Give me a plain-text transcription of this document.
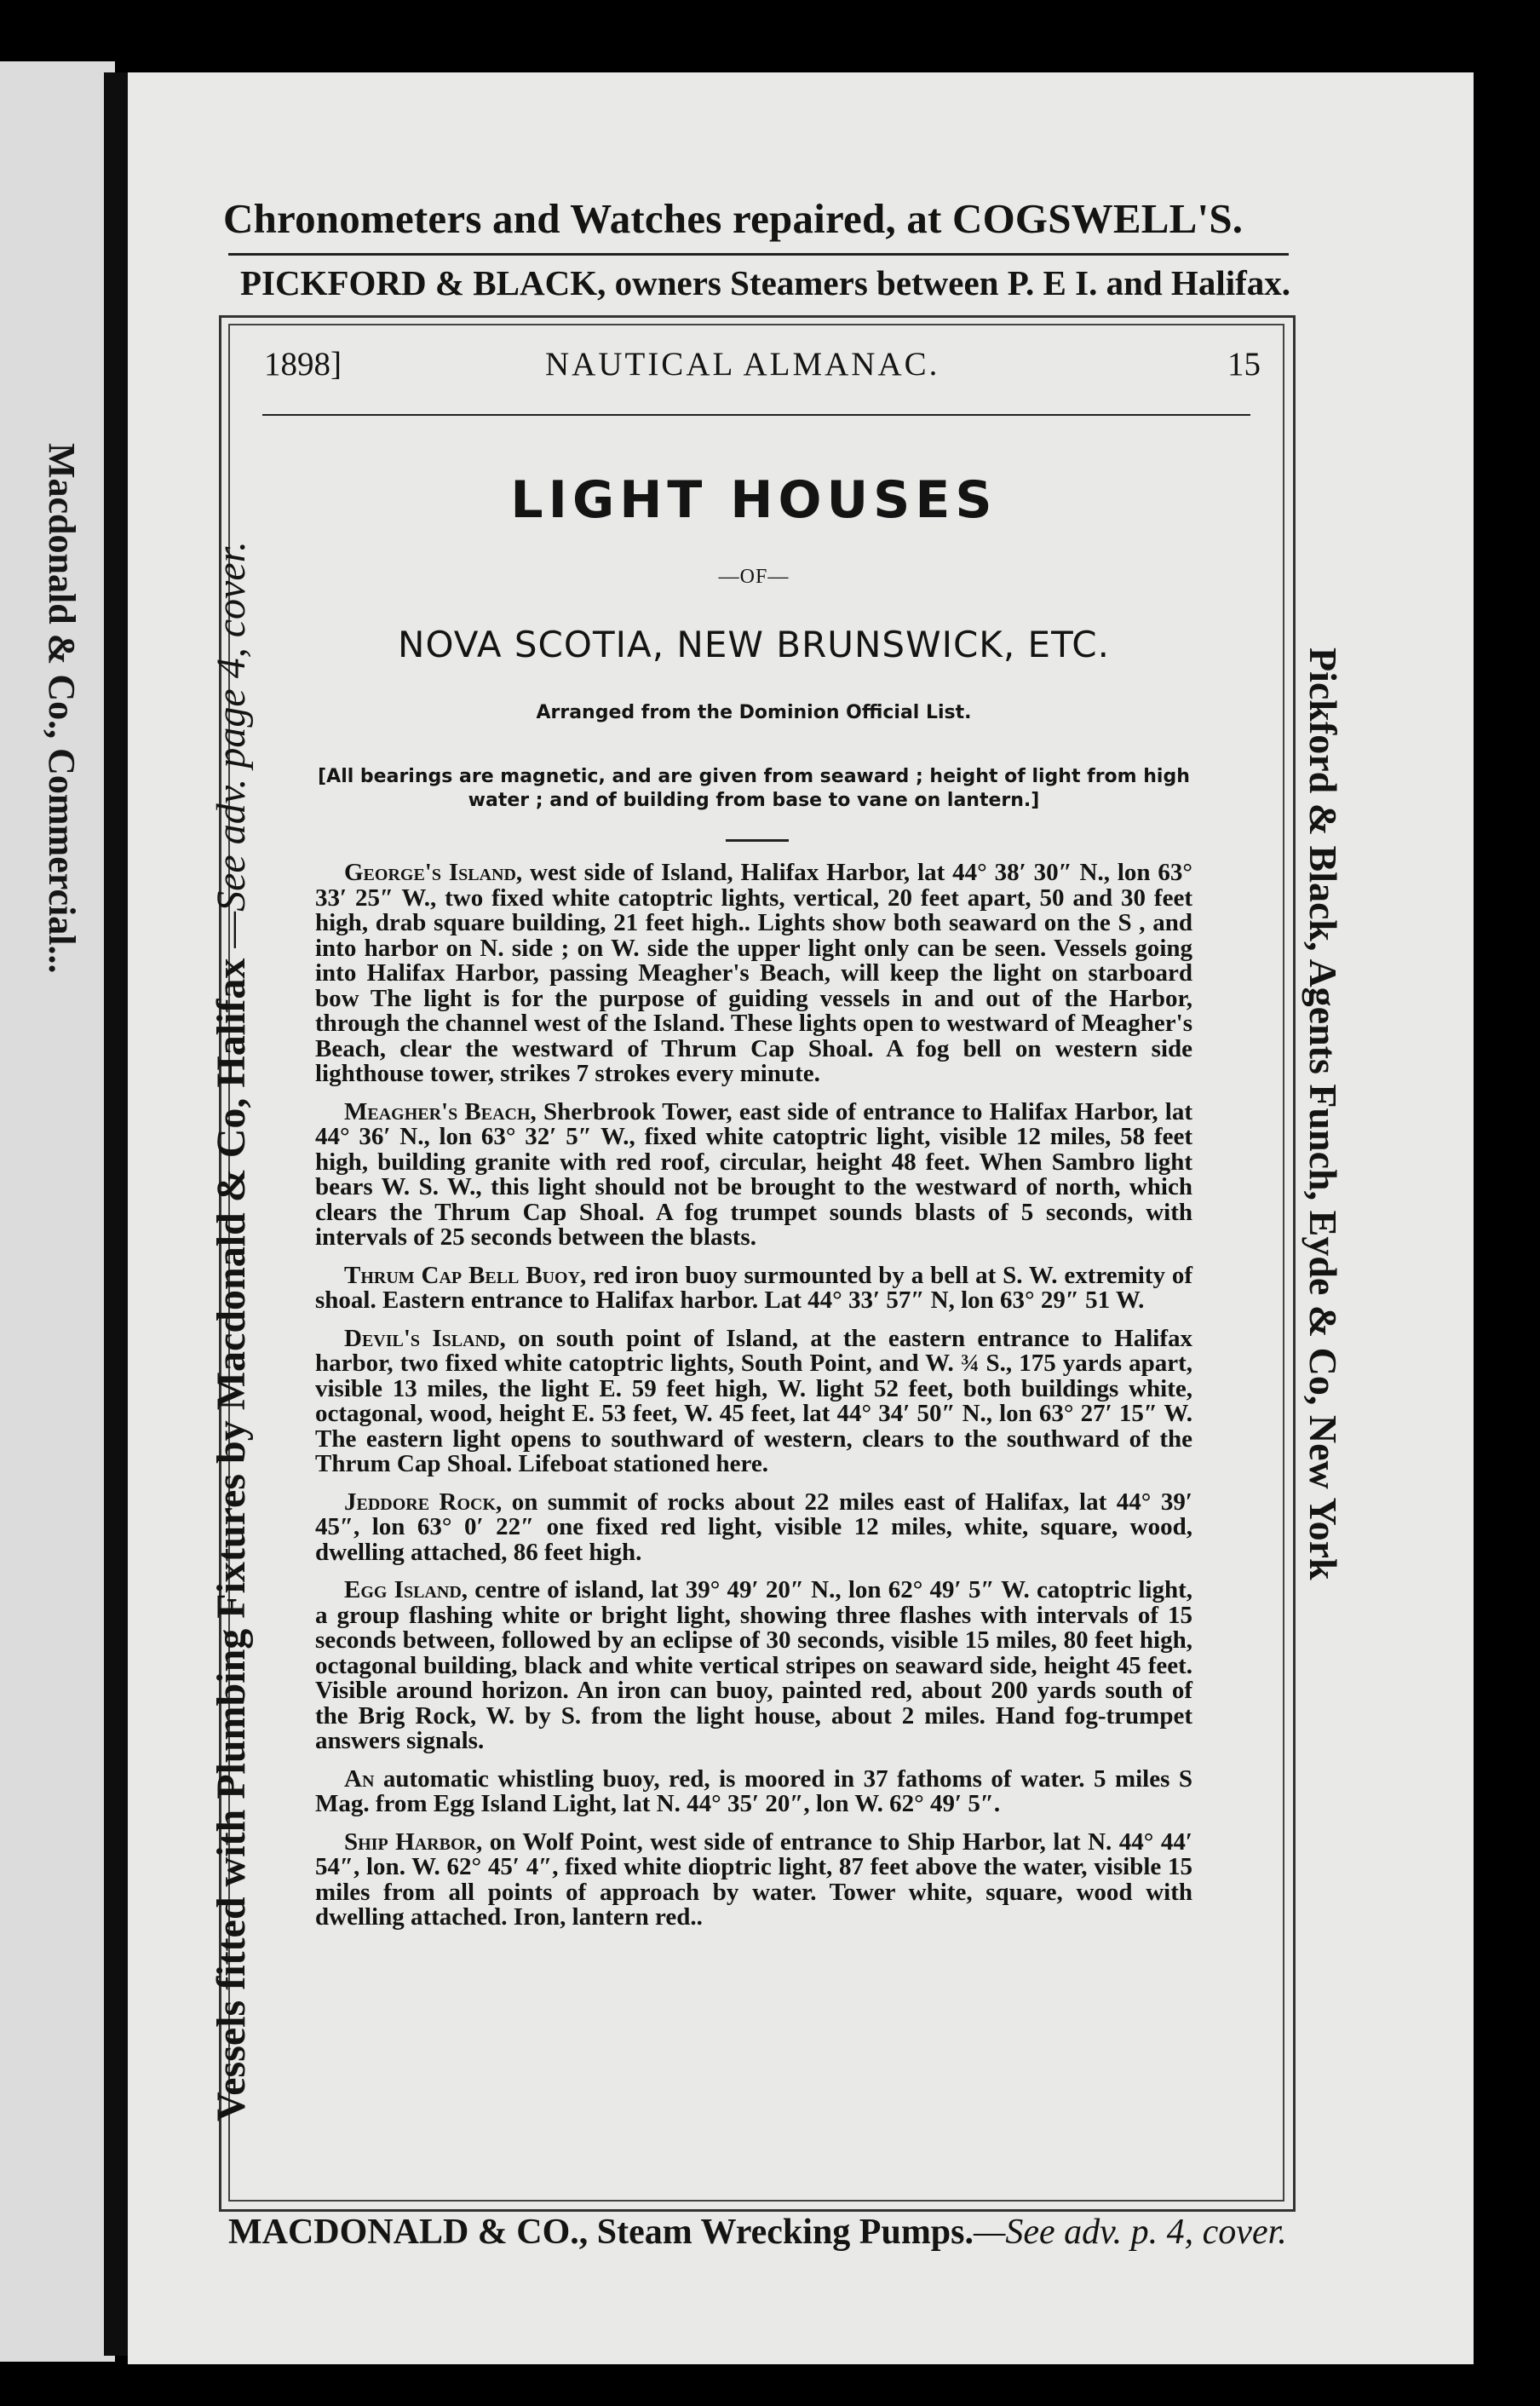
Macdonald & Co., Commercial...
Chronometers and Watches repaired, at COGSWELL'S.
PICKFORD & BLACK, owners Steamers between P. E I. and Halifax.
Vessels fitted with Plumbing Fixtures by Macdonald & Co, Halifax —See adv. page 4, cover.	Pickford & Black, Agents Funch, Eyde & Co, New York
1898]	NAUTICAL ALMANAC.	15
LIGHT HOUSES
—OF—
NOVA SCOTIA, NEW BRUNSWICK, ETC.
Arranged from the Dominion Official List.
[All bearings are magnetic, and are given from seaward ; height of light from high water ; and of building from base to vane on lantern.]

George's Island, west side of Island, Halifax Harbor, lat 44° 38′ 30″ N., lon 63° 33′ 25″ W., two fixed white catoptric lights, vertical, 20 feet apart, 50 and 30 feet high, drab square building, 21 feet high.. Lights show both seaward on the S , and into harbor on N. side ; on W. side the upper light only can be seen. Vessels going into Halifax Harbor, passing Meagher's Beach, will keep the light on starboard bow The light is for the purpose of guiding vessels in and out of the Harbor, through the channel west of the Island. These lights open to westward of Meagher's Beach, clear the westward of Thrum Cap Shoal. A fog bell on western side lighthouse tower, strikes 7 strokes every minute.

Meagher's Beach, Sherbrook Tower, east side of entrance to Halifax Harbor, lat 44° 36′ N., lon 63° 32′ 5″ W., fixed white catoptric light, visible 12 miles, 58 feet high, building granite with red roof, circular, height 48 feet. When Sambro light bears W. S. W., this light should not be brought to the westward of north, which clears the Thrum Cap Shoal. A fog trumpet sounds blasts of 5 seconds, with intervals of 25 seconds between the blasts.

Thrum Cap Bell Buoy, red iron buoy surmounted by a bell at S. W. extremity of shoal. Eastern entrance to Halifax harbor. Lat 44° 33′ 57″ N, lon 63° 29″ 51 W.

Devil's Island, on south point of Island, at the eastern entrance to Halifax harbor, two fixed white catoptric lights, South Point, and W. ¾ S., 175 yards apart, visible 13 miles, the light E. 59 feet high, W. light 52 feet, both buildings white, octagonal, wood, height E. 53 feet, W. 45 feet, lat 44° 34′ 50″ N., lon 63° 27′ 15″ W. The eastern light opens to southward of western, clears to the southward of the Thrum Cap Shoal. Lifeboat stationed here.

Jeddore Rock, on summit of rocks about 22 miles east of Halifax, lat 44° 39′ 45″, lon 63° 0′ 22″ one fixed red light, visible 12 miles, white, square, wood, dwelling attached, 86 feet high.

Egg Island, centre of island, lat 39° 49′ 20″ N., lon 62° 49′ 5″ W. catoptric light, a group flashing white or bright light, showing three flashes with intervals of 15 seconds between, followed by an eclipse of 30 seconds, visible 15 miles, 80 feet high, octagonal building, black and white vertical stripes on seaward side, height 45 feet. Visible around horizon. An iron can buoy, painted red, about 200 yards south of the Brig Rock, W. by S. from the light house, about 2 miles. Hand fog-trumpet answers signals.

An automatic whistling buoy, red, is moored in 37 fathoms of water. 5 miles S Mag. from Egg Island Light, lat N. 44° 35′ 20″, lon W. 62° 49′ 5″.

Ship Harbor, on Wolf Point, west side of entrance to Ship Harbor, lat N. 44° 44′ 54″, lon. W. 62° 45′ 4″, fixed white dioptric light, 87 feet above the water, visible 15 miles from all points of approach by water. Tower white, square, wood with dwelling attached. Iron, lantern red..

MACDONALD & CO., Steam Wrecking Pumps.—See adv. p. 4, cover.
